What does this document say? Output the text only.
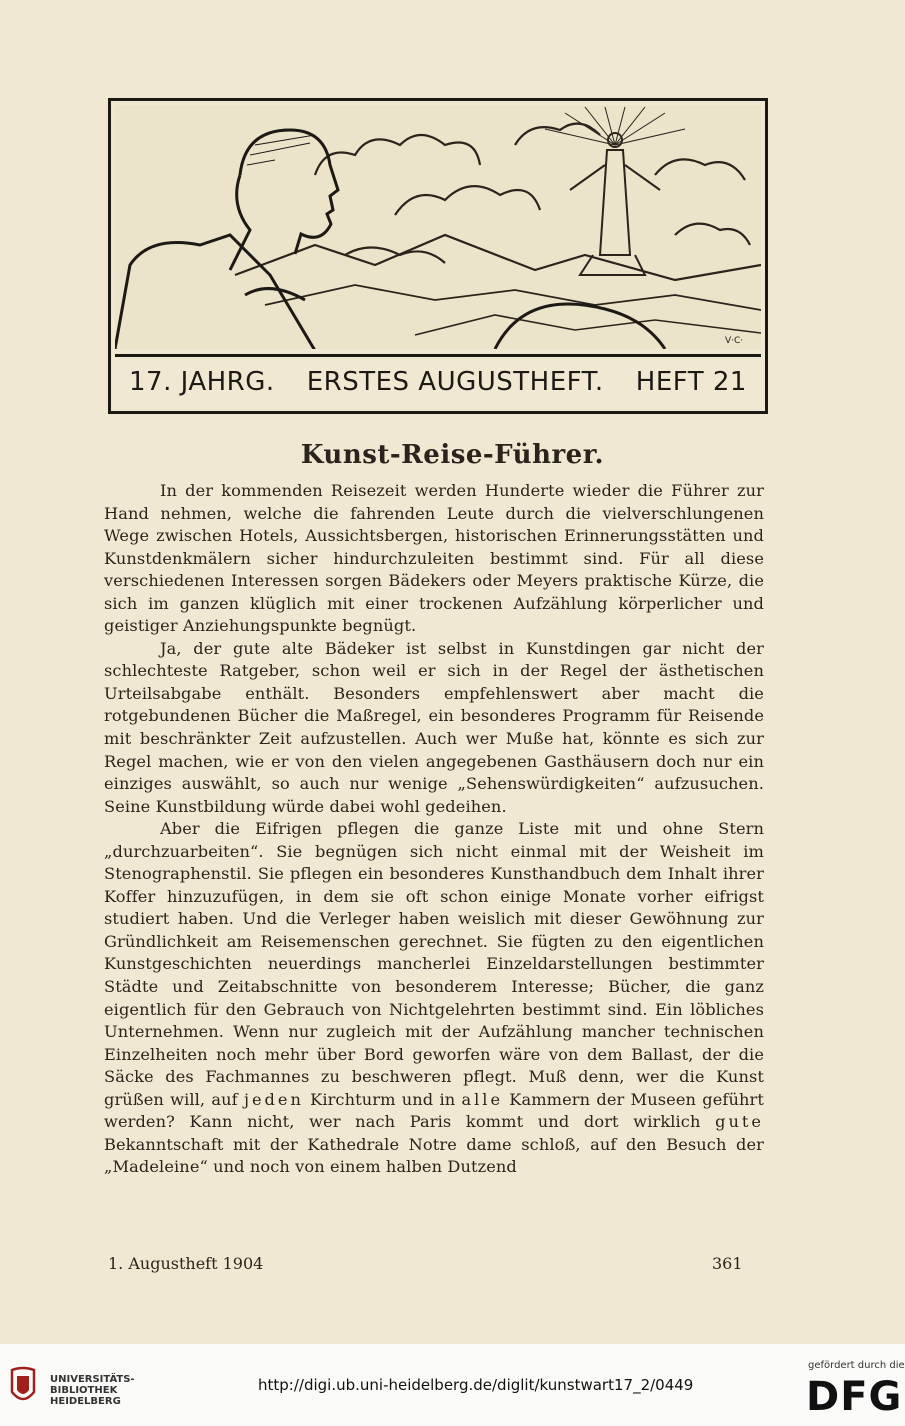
V·C·
17. JAHRG. ERSTES AUGUSTHEFT. HEFT 21
Kunst-Reise-Führer.

In der kommenden Reisezeit werden Hunderte wieder die Führer zur Hand nehmen, welche die fahrenden Leute durch die vielverschlungenen Wege zwischen Hotels, Aussichtsbergen, historischen Erinnerungsstätten und Kunstdenkmälern sicher hindurchzuleiten bestimmt sind. Für all diese verschiedenen Interessen sorgen Bädekers oder Meyers praktische Kürze, die sich im ganzen klüglich mit einer trockenen Aufzählung körperlicher und geistiger Anziehungspunkte begnügt.

Ja, der gute alte Bädeker ist selbst in Kunstdingen gar nicht der schlechteste Ratgeber, schon weil er sich in der Regel der ästhetischen Urteilsabgabe enthält. Besonders empfehlenswert aber macht die rotgebundenen Bücher die Maßregel, ein besonderes Programm für Reisende mit beschränkter Zeit aufzustellen. Auch wer Muße hat, könnte es sich zur Regel machen, wie er von den vielen angegebenen Gasthäusern doch nur ein einziges auswählt, so auch nur wenige „Sehenswürdigkeiten“ aufzusuchen. Seine Kunstbildung würde dabei wohl gedeihen.

Aber die Eifrigen pflegen die ganze Liste mit und ohne Stern „durchzuarbeiten“. Sie begnügen sich nicht einmal mit der Weisheit im Stenographenstil. Sie pflegen ein besonderes Kunsthandbuch dem Inhalt ihrer Koffer hinzuzufügen, in dem sie oft schon einige Monate vorher eifrigst studiert haben. Und die Verleger haben weislich mit dieser Gewöhnung zur Gründlichkeit am Reisemenschen gerechnet. Sie fügten zu den eigentlichen Kunstgeschichten neuerdings mancherlei Einzeldarstellungen bestimmter Städte und Zeitabschnitte von besonderem Interesse; Bücher, die ganz eigentlich für den Gebrauch von Nichtgelehrten bestimmt sind. Ein löbliches Unternehmen. Wenn nur zugleich mit der Aufzählung mancher technischen Einzelheiten noch mehr über Bord geworfen wäre von dem Ballast, der die Säcke des Fachmannes zu beschweren pflegt. Muß denn, wer die Kunst grüßen will, auf jeden Kirchturm und in alle Kammern der Museen geführt werden? Kann nicht, wer nach Paris kommt und dort wirklich gute Bekanntschaft mit der Kathedrale Notre dame schloß, auf den Besuch der „Madeleine“ und noch von einem halben Dutzend

1. Augustheft 1904	361
UNIVERSITÄTS-
BIBLIOTHEK
HEIDELBERG
http://digi.ub.uni-heidelberg.de/diglit/kunstwart17_2/0449
gefördert durch die
DFG
